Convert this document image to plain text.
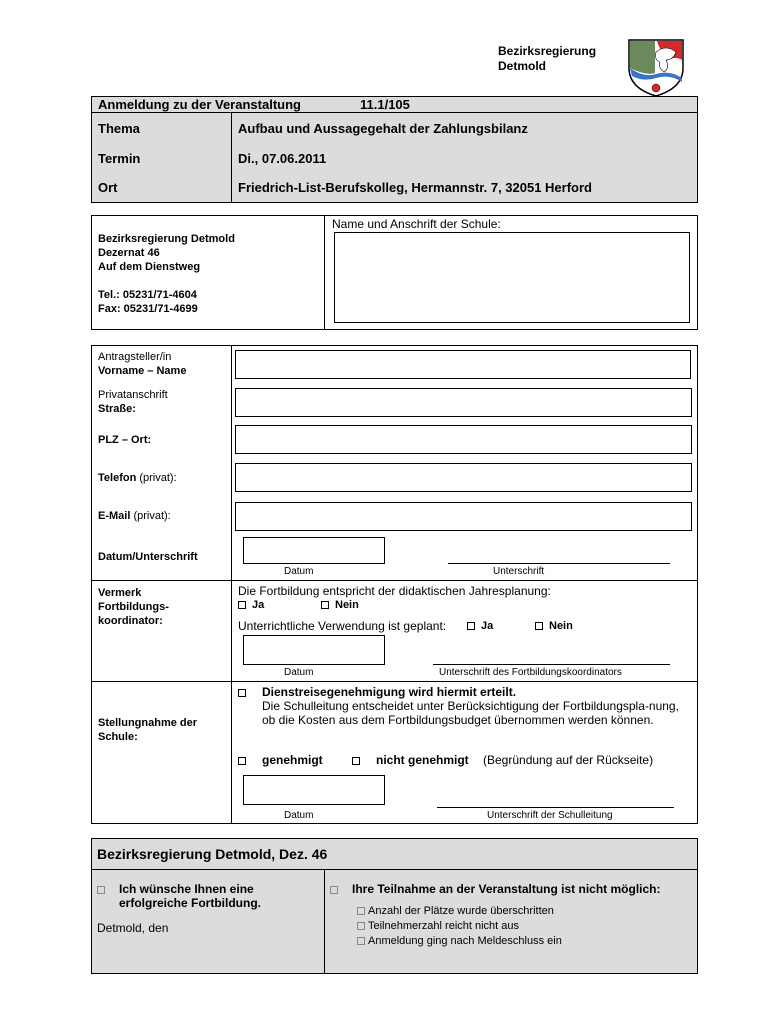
Bezirksregierung
Detmold
Anmeldung zu der Veranstaltung	11.1/105
Thema	Aufbau und Aussagegehalt der Zahlungsbilanz
Termin	Di., 07.06.2011
Ort	Friedrich-List-Berufskolleg, Hermannstr. 7, 32051 Herford
Bezirksregierung Detmold
Dezernat 46
Auf dem Dienstweg
Tel.: 05231/71-4604
Fax: 05231/71-4699
Name und Anschrift der Schule:
Antragsteller/in
Vorname – Name
Privatanschrift
Straße:
PLZ – Ort:
Telefon (privat):
E-Mail (privat):
Datum/Unterschrift
Datum	Unterschrift
Vermerk
Fortbildungs-
koordinator:
Die Fortbildung entspricht der didaktischen Jahresplanung:
Ja	Nein
Unterrichtliche Verwendung ist geplant:	Ja	Nein
Datum	Unterschrift des Fortbildungskoordinators
Stellungnahme der
Schule:
Dienstreisegenehmigung wird hiermit erteilt.
Die Schulleitung entscheidet unter Berücksichtigung der Fortbildungspla-nung, ob die Kosten aus dem Fortbildungsbudget übernommen werden können.
genehmigt	nicht genehmigt (Begründung auf der Rückseite)
Datum	Unterschrift der Schulleitung
Bezirksregierung Detmold, Dez. 46
Ich wünsche Ihnen eine
erfolgreiche Fortbildung.
Detmold, den
Ihre Teilnahme an der Veranstaltung ist nicht möglich:
Anzahl der Plätze wurde überschritten
Teilnehmerzahl reicht nicht aus
Anmeldung ging nach Meldeschluss ein
